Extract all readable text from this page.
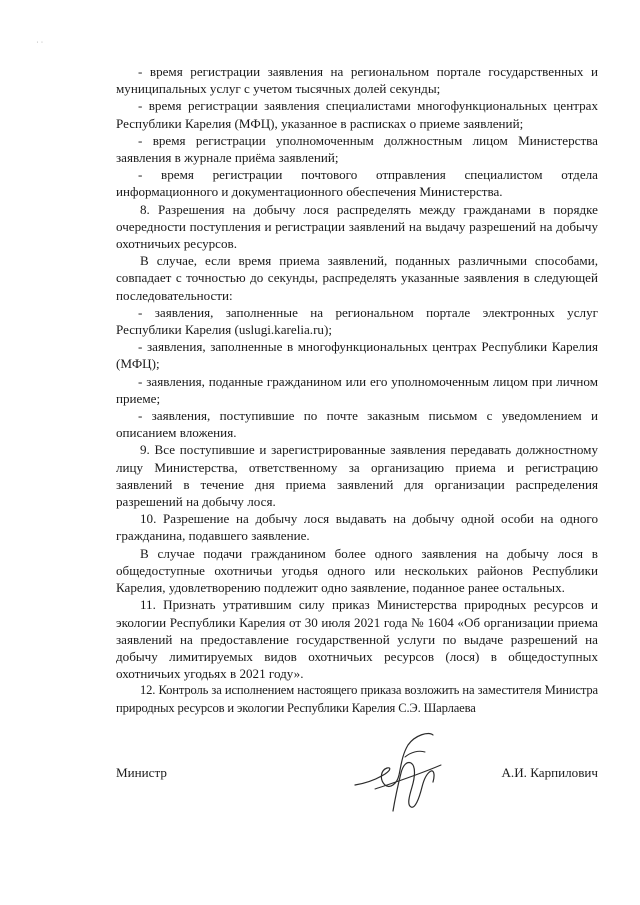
˙ ˙

- время регистрации заявления на региональном портале государственных и муниципальных услуг с учетом тысячных долей секунды;

- время регистрации заявления специалистами многофункциональных центрах Республики Карелия (МФЦ), указанное в расписках о приеме заявлений;

- время регистрации уполномоченным должностным лицом Министерства заявления в журнале приёма заявлений;

- время регистрации почтового отправления специалистом отдела информационного и документационного обеспечения Министерства.

8. Разрешения на добычу лося распределять между гражданами в порядке очередности поступления и регистрации заявлений на выдачу разрешений на добычу охотничьих ресурсов.

В случае, если время приема заявлений, поданных различными способами, совпадает с точностью до секунды, распределять указанные заявления в следующей последовательности:

- заявления, заполненные на региональном портале электронных услуг Республики Карелия (uslugi.karelia.ru);

- заявления, заполненные в многофункциональных центрах Республики Карелия (МФЦ);

- заявления, поданные гражданином или его уполномоченным лицом при личном приеме;

- заявления, поступившие по почте заказным письмом с уведомлением и описанием вложения.

9. Все поступившие и зарегистрированные заявления передавать должностному лицу Министерства, ответственному за организацию приема и регистрацию заявлений в течение дня приема заявлений для организации распределения разрешений на добычу лося.

10. Разрешение на добычу лося выдавать на добычу одной особи на одного гражданина, подавшего заявление.

В случае подачи гражданином более одного заявления на добычу лося в общедоступные охотничьи угодья одного или нескольких районов Республики Карелия, удовлетворению подлежит одно заявление, поданное ранее остальных.

11. Признать утратившим силу приказ Министерства природных ресурсов и экологии Республики Карелия от 30 июля 2021 года № 1604 «Об организации приема заявлений на предоставление государственной услуги по выдаче разрешений на добычу лимитируемых видов охотничьих ресурсов (лося) в общедоступных охотничьих угодьях в 2021 году».

12. Контроль за исполнением настоящего приказа возложить на заместителя Министра природных ресурсов и экологии Республики Карелия С.Э. Шарлаева

Министр	А.И. Карпилович
